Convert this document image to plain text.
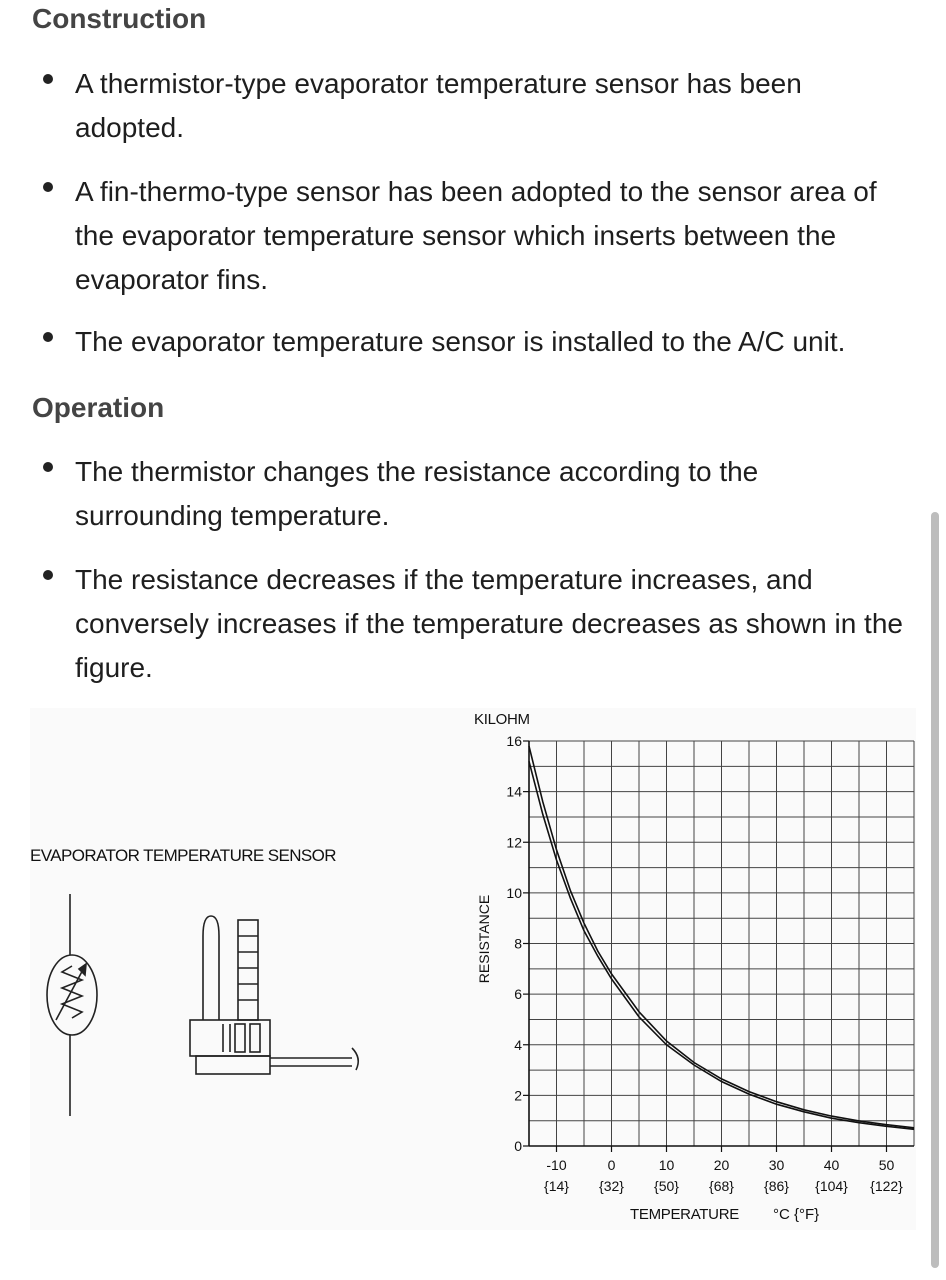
Construction
A thermistor-type evaporator temperature sensor has been adopted.
A fin-thermo-type sensor has been adopted to the sensor area of the evaporator temperature sensor which inserts between the evaporator fins.
The evaporator temperature sensor is installed to the A/C unit.
Operation
The thermistor changes the resistance according to the surrounding temperature.
The resistance decreases if the temperature increases, and conversely increases if the temperature decreases as shown in the figure.
EVAPORATOR TEMPERATURE SENSOR
0
2
4
6
8
10
12
14
16
-10
{14}
0
{32}
10
{50}
20
{68}
30
{86}
40
{104}
50
{122}
KILOHM
RESISTANCE
TEMPERATURE °C {°F}
